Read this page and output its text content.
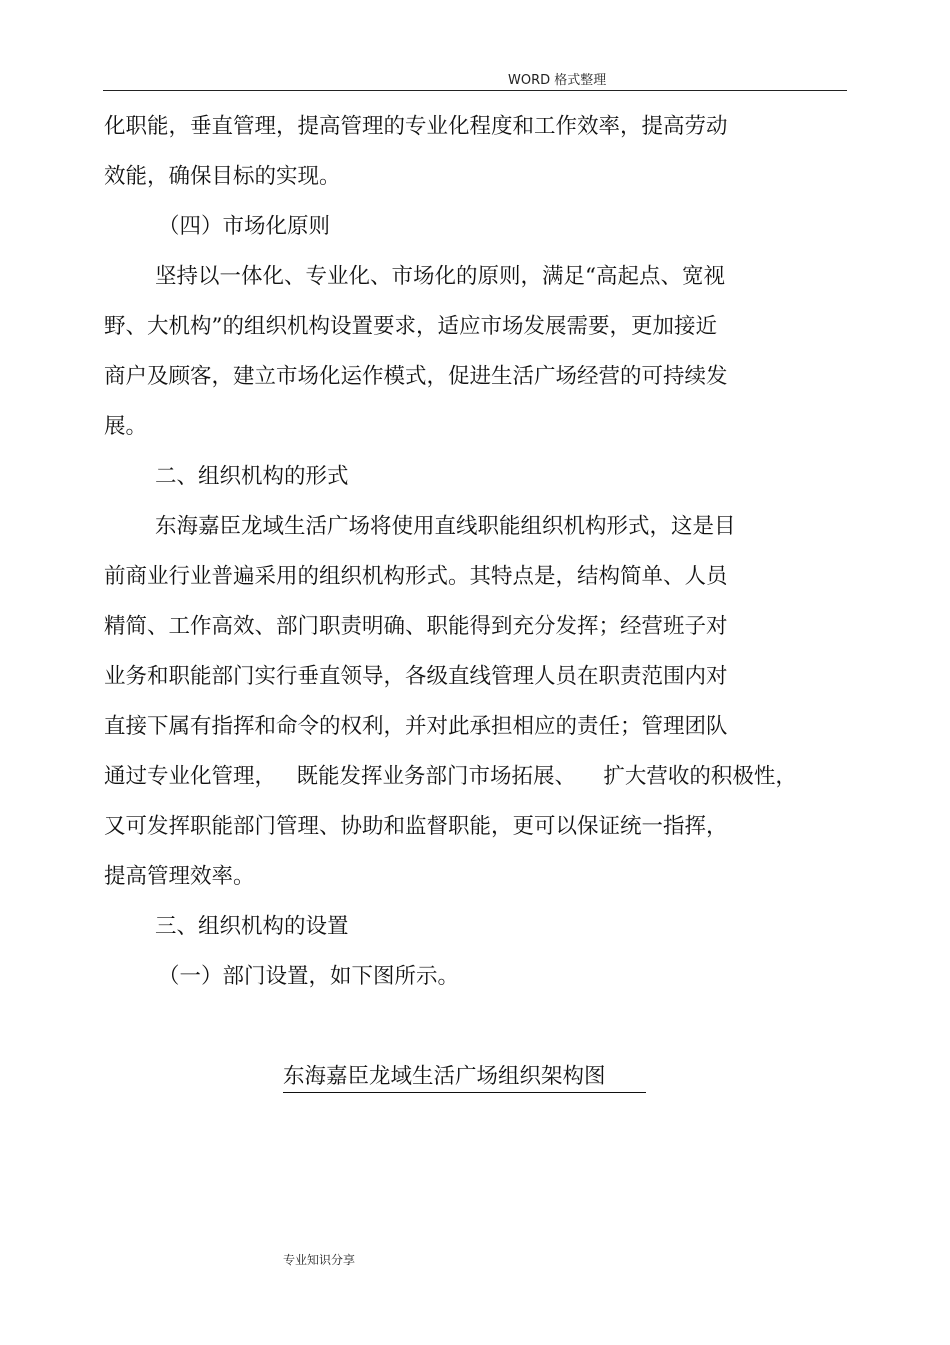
WORD 格式整理
化职能，垂直管理，提高管理的专业化程度和工作效率，提高劳动
效能，确保目标的实现。
（四）市场化原则
坚持以一体化、专业化、市场化的原则，满足“高起点、宽视
野、大机构”的组织机构设置要求，适应市场发展需要，更加接近
商户及顾客，建立市场化运作模式，促进生活广场经营的可持续发
展。
二、组织机构的形式
东海嘉臣龙域生活广场将使用直线职能组织机构形式，这是目
前商业行业普遍采用的组织机构形式。其特点是，结构简单、人员
精简、工作高效、部门职责明确、职能得到充分发挥；经营班子对
业务和职能部门实行垂直领导，各级直线管理人员在职责范围内对
直接下属有指挥和命令的权利，并对此承担相应的责任；管理团队
通过专业化管理，   既能发挥业务部门市场拓展、    扩大营收的积极性，
又可发挥职能部门管理、协助和监督职能，更可以保证统一指挥，
提高管理效率。
三、组织机构的设置
（一）部门设置，如下图所示。
东海嘉臣龙域生活广场组织架构图
专业知识分享
